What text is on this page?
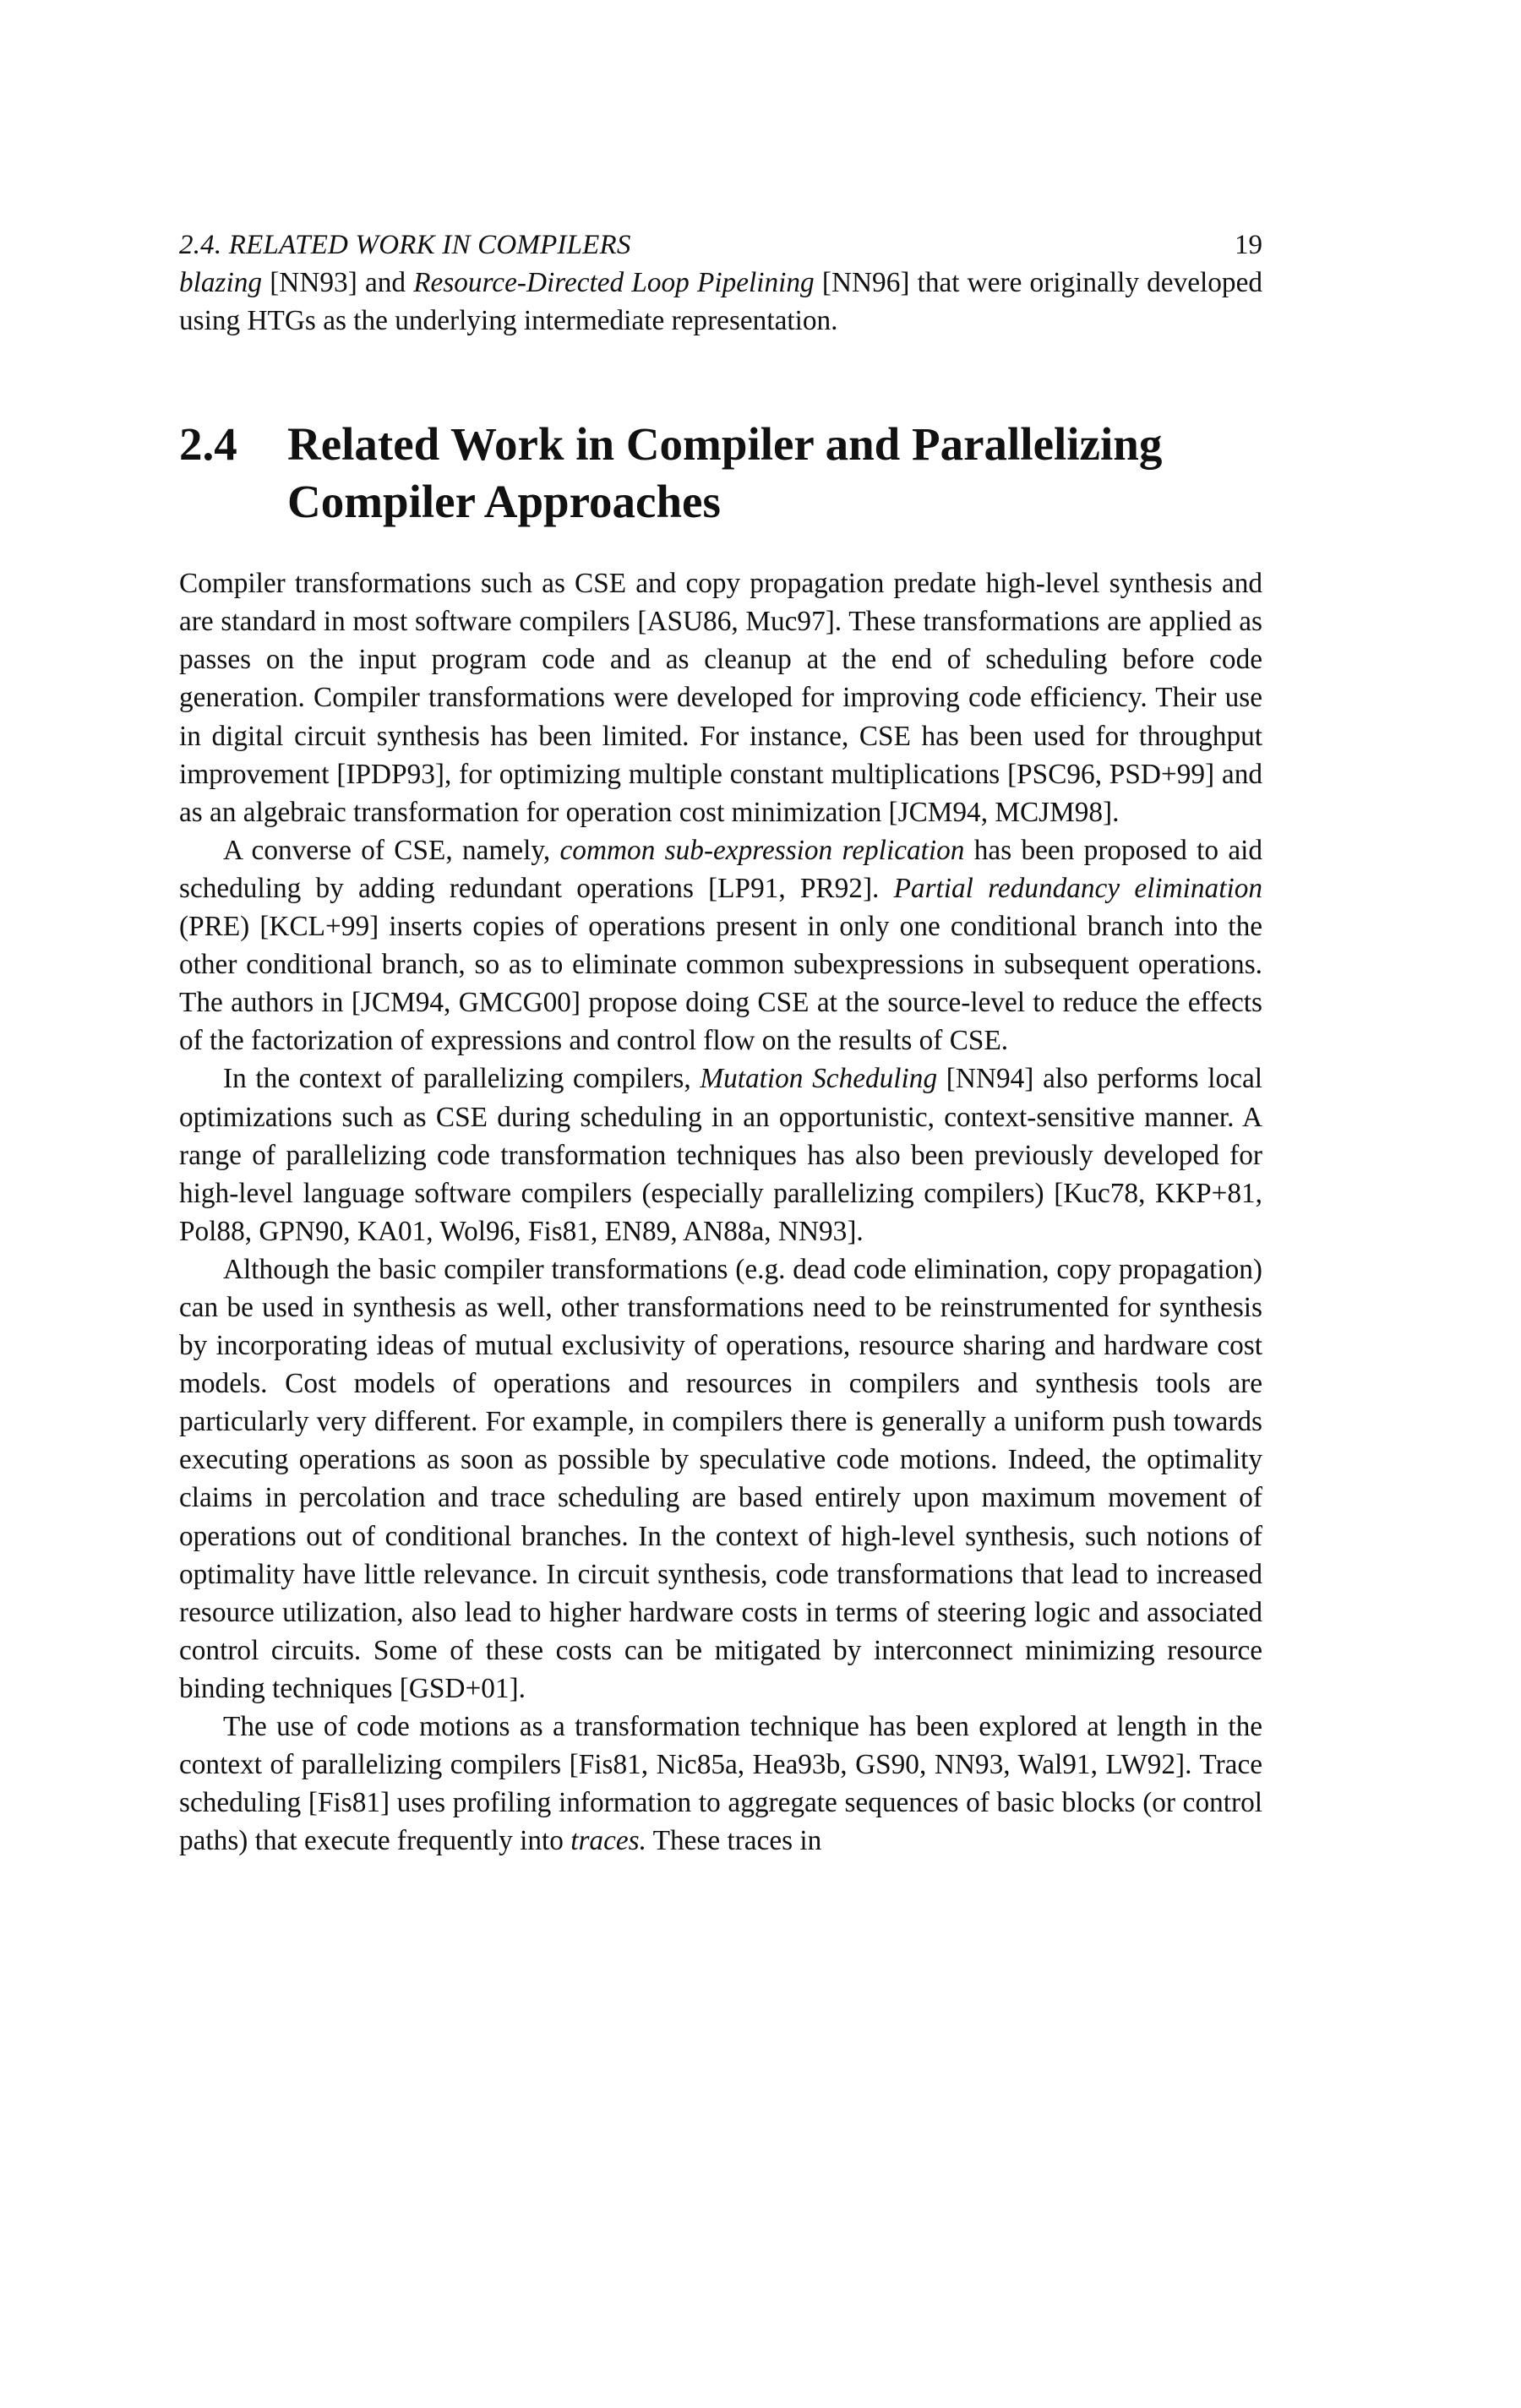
2.4. RELATED WORK IN COMPILERS	19

blazing [NN93] and Resource-Directed Loop Pipelining [NN96] that were originally developed using HTGs as the underlying intermediate representation.

2.4	Related Work in Compiler and Parallelizing Compiler Approaches

Compiler transformations such as CSE and copy propagation predate high-level synthesis and are standard in most software compilers [ASU86, Muc97]. These transformations are applied as passes on the input program code and as cleanup at the end of scheduling before code generation. Compiler transformations were developed for improving code efficiency. Their use in digital circuit synthesis has been limited. For instance, CSE has been used for throughput improvement [IPDP93], for optimizing multiple constant multiplications [PSC96, PSD+99] and as an algebraic transformation for operation cost minimization [JCM94, MCJM98].

A converse of CSE, namely, common sub-expression replication has been proposed to aid scheduling by adding redundant operations [LP91, PR92]. Partial redundancy elimination (PRE) [KCL+99] inserts copies of operations present in only one conditional branch into the other conditional branch, so as to eliminate common subexpressions in subsequent operations. The authors in [JCM94, GMCG00] propose doing CSE at the source-level to reduce the effects of the factorization of expressions and control flow on the results of CSE.

In the context of parallelizing compilers, Mutation Scheduling [NN94] also performs local optimizations such as CSE during scheduling in an opportunistic, context-sensitive manner. A range of parallelizing code transformation techniques has also been previously developed for high-level language software compilers (especially parallelizing compilers) [Kuc78, KKP+81, Pol88, GPN90, KA01, Wol96, Fis81, EN89, AN88a, NN93].

Although the basic compiler transformations (e.g. dead code elimination, copy propagation) can be used in synthesis as well, other transformations need to be reinstrumented for synthesis by incorporating ideas of mutual exclusivity of operations, resource sharing and hardware cost models. Cost models of operations and resources in compilers and synthesis tools are particularly very different. For example, in compilers there is generally a uniform push towards executing operations as soon as possible by speculative code motions. Indeed, the optimality claims in percolation and trace scheduling are based entirely upon maximum movement of operations out of conditional branches. In the context of high-level synthesis, such notions of optimality have little relevance. In circuit synthesis, code transformations that lead to increased resource utilization, also lead to higher hardware costs in terms of steering logic and associated control circuits. Some of these costs can be mitigated by interconnect minimizing resource binding techniques [GSD+01].

The use of code motions as a transformation technique has been explored at length in the context of parallelizing compilers [Fis81, Nic85a, Hea93b, GS90, NN93, Wal91, LW92]. Trace scheduling [Fis81] uses profiling information to aggregate sequences of basic blocks (or control paths) that execute frequently into traces. These traces in
